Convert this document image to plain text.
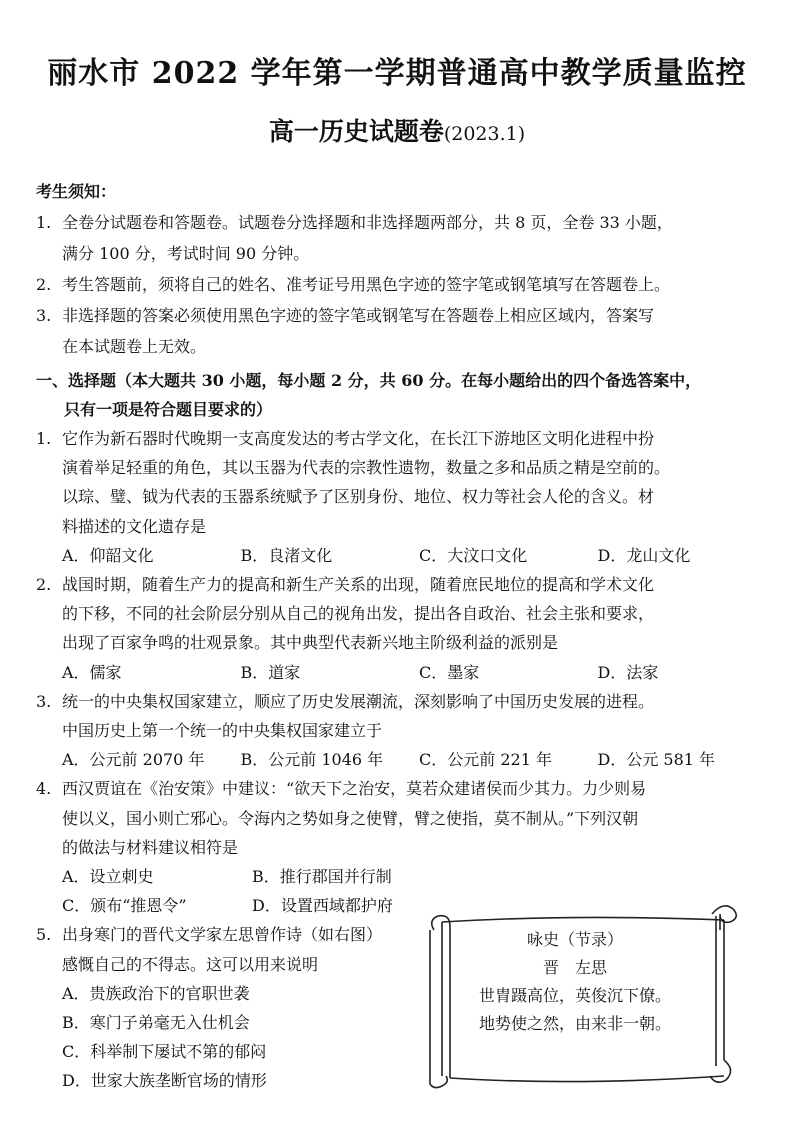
丽水市 2022 学年第一学期普通高中教学质量监控
高一历史试题卷(2023.1)
考生须知：
1. 全卷分试题卷和答题卷。试题卷分选择题和非选择题两部分，共 8 页，全卷 33 小题，
满分 100 分，考试时间 90 分钟。
2. 考生答题前，须将自己的姓名、准考证号用黑色字迹的签字笔或钢笔填写在答题卷上。
3. 非选择题的答案必须使用黑色字迹的签字笔或钢笔写在答题卷上相应区域内，答案写
在本试题卷上无效。
一、选择题（本大题共 30 小题，每小题 2 分，共 60 分。在每小题给出的四个备选答案中，
只有一项是符合题目要求的）
1. 它作为新石器时代晚期一支高度发达的考古学文化，在长江下游地区文明化进程中扮
演着举足轻重的角色，其以玉器为代表的宗教性遗物，数量之多和品质之精是空前的。
以琮、璧、钺为代表的玉器系统赋予了区别身份、地位、权力等社会人伦的含义。材
料描述的文化遗存是
A．仰韶文化	B．良渚文化	C．大汶口文化	D．龙山文化
2. 战国时期，随着生产力的提高和新生产关系的出现，随着庶民地位的提高和学术文化
的下移，不同的社会阶层分别从自己的视角出发，提出各自政治、社会主张和要求，
出现了百家争鸣的壮观景象。其中典型代表新兴地主阶级利益的派别是
A．儒家	B．道家	C．墨家	D．法家
3. 统一的中央集权国家建立，顺应了历史发展潮流，深刻影响了中国历史发展的进程。
中国历史上第一个统一的中央集权国家建立于
A．公元前 2070 年	B．公元前 1046 年	C．公元前 221 年	D．公元 581 年
4. 西汉贾谊在《治安策》中建议：“欲天下之治安，莫若众建诸侯而少其力。力少则易
使以义，国小则亡邪心。令海内之势如身之使臂，臂之使指，莫不制从。”下列汉朝
的做法与材料建议相符是
A．设立刺史	B．推行郡国并行制
C．颁布“推恩令”	D．设置西域都护府
5. 出身寒门的晋代文学家左思曾作诗（如右图）
感慨自己的不得志。这可以用来说明
A．贵族政治下的官职世袭
B．寒门子弟毫无入仕机会
C．科举制下屡试不第的郁闷
D．世家大族垄断官场的情形
咏史（节录）
晋　左思
世胄蹑高位，英俊沉下僚。
地势使之然，由来非一朝。
